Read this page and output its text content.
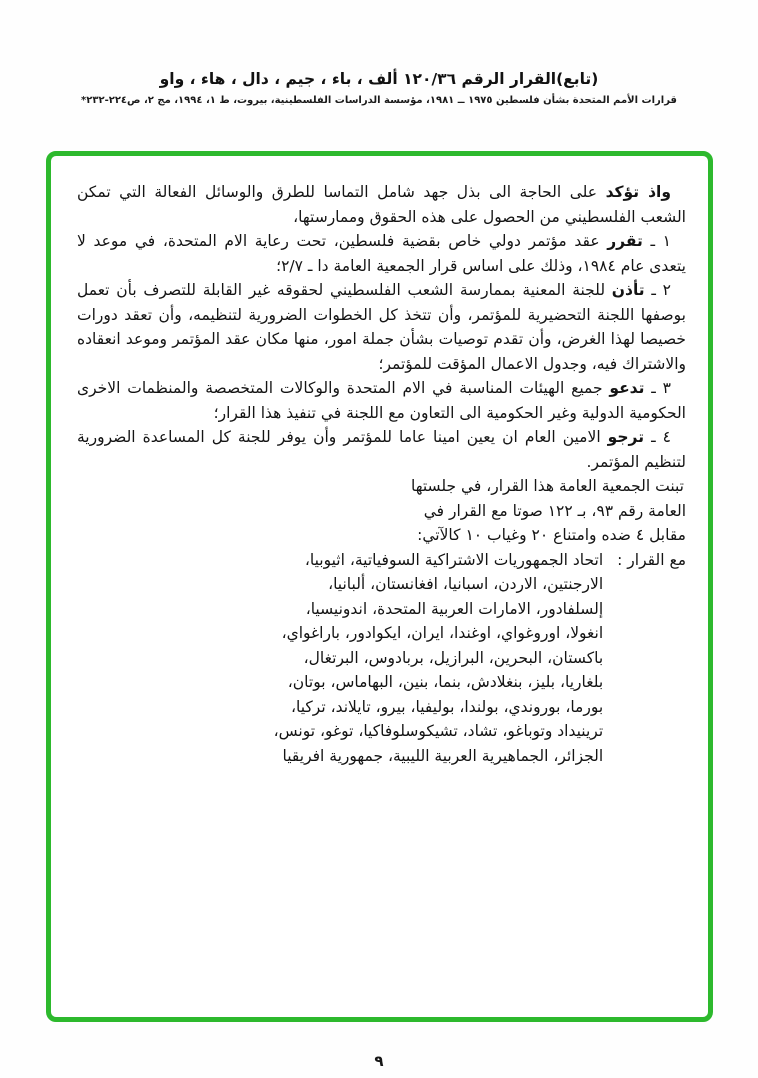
(تابع)القرار الرقم ١٢٠/٣٦ ألف ، باء ، جيم ، دال ، هاء ، واو
قرارات الأمم المتحدة بشأن فلسطين ١٩٧٥ ــ ١٩٨١، مؤسسة الدراسات الفلسطينية، بيروت، ط ١، ١٩٩٤، مج ٢، ص٢٢٤-٢٣٢*

واذ تؤكد على الحاجة الى بذل جهد شامل التماسا للطرق والوسائل الفعالة التي تمكن الشعب الفلسطيني من الحصول على هذه الحقوق وممارستها،

١ ـ تقرر عقد مؤتمر دولي خاص بقضية فلسطين، تحت رعاية الام المتحدة، في موعد لا يتعدى عام ١٩٨٤، وذلك على اساس قرار الجمعية العامة دا ـ ٢/٧؛

٢ ـ تأذن للجنة المعنية بممارسة الشعب الفلسطيني لحقوقه غير القابلة للتصرف بأن تعمل بوصفها اللجنة التحضيرية للمؤتمر، وأن تتخذ كل الخطوات الضرورية لتنظيمه، وأن تعقد دورات خصيصا لهذا الغرض، وأن تقدم توصيات بشأن جملة امور، منها مكان عقد المؤتمر وموعد انعقاده والاشتراك فيه، وجدول الاعمال المؤقت للمؤتمر؛

٣ ـ تدعو جميع الهيئات المناسبة في الام المتحدة والوكالات المتخصصة والمنظمات الاخرى الحكومية الدولية وغير الحكومية الى التعاون مع اللجنة في تنفيذ هذا القرار؛

٤ ـ ترجو الامين العام ان يعين امينا عاما للمؤتمر وأن يوفر للجنة كل المساعدة الضرورية لتنظيم المؤتمر.

تبنت الجمعية العامة هذا القرار، في جلستها العامة رقم ٩٣، بـ ١٢٢ صوتا مع القرار في مقابل ٤ ضده وامتناع ٢٠ وغياب ١٠ كالآتي:

مع القرار :
اتحاد الجمهوريات الاشتراكية السوفياتية، اثيوبيا، الارجنتين، الاردن، اسبانيا، افغانستان، ألبانيا، إلسلفادور، الامارات العربية المتحدة، اندونيسيا، انغولا، اوروغواي، اوغندا، ايران، ايكوادور، باراغواي، باكستان، البحرين، البرازيل، بربادوس، البرتغال، بلغاريا، بليز، بنغلادش، بنما، بنين، البهاماس، بوتان، بورما، بوروندي، بولندا، بوليفيا، بيرو، تايلاند، تركيا، ترينيداد وتوباغو، تشاد، تشيكوسلوفاكيا، توغو، تونس، الجزائر، الجماهيرية العربية الليبية، جمهورية افريقيا
٩
